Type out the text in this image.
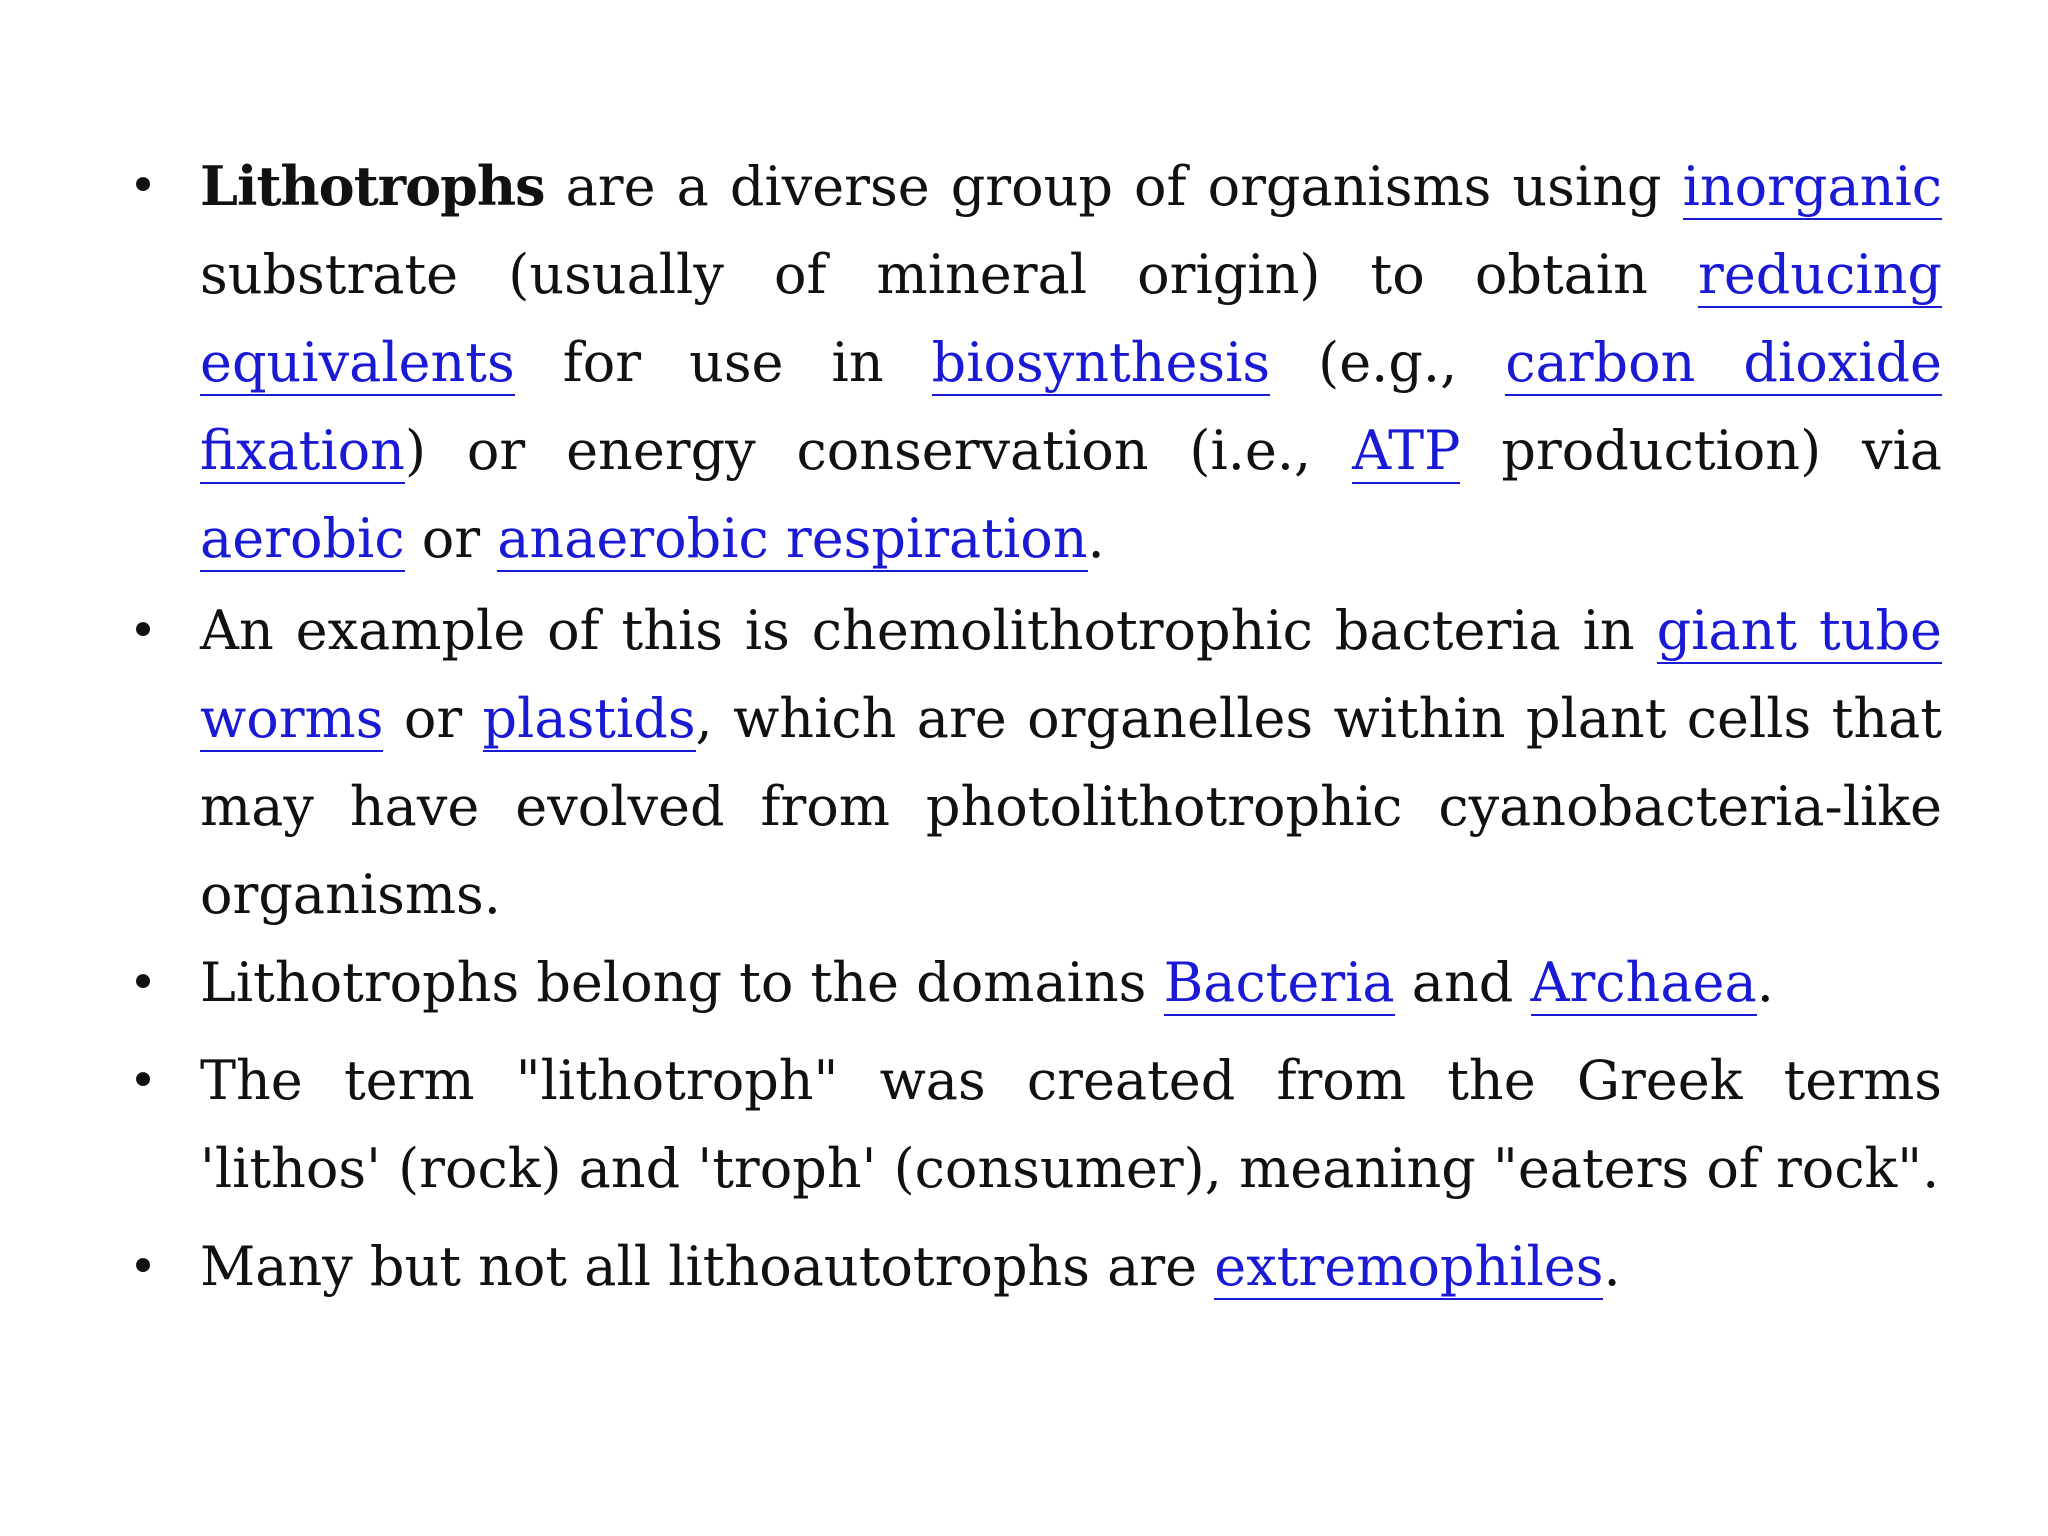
• Lithotrophs are a diverse group of organisms using inorganic substrate (usually of mineral origin) to obtain reducing equivalents for use in biosynthesis (e.g., carbon dioxide fixation) or energy conservation (i.e., ATP production) via aerobic or anaerobic respiration.
• An example of this is chemolithotrophic bacteria in giant tube worms or plastids, which are organelles within plant cells that may have evolved from photolithotrophic cyanobacteria-like organisms.
• Lithotrophs belong to the domains Bacteria and Archaea.
• The term "lithotroph" was created from the Greek terms 'lithos' (rock) and 'troph' (consumer), meaning "eaters of rock".
• Many but not all lithoautotrophs are extremophiles.
